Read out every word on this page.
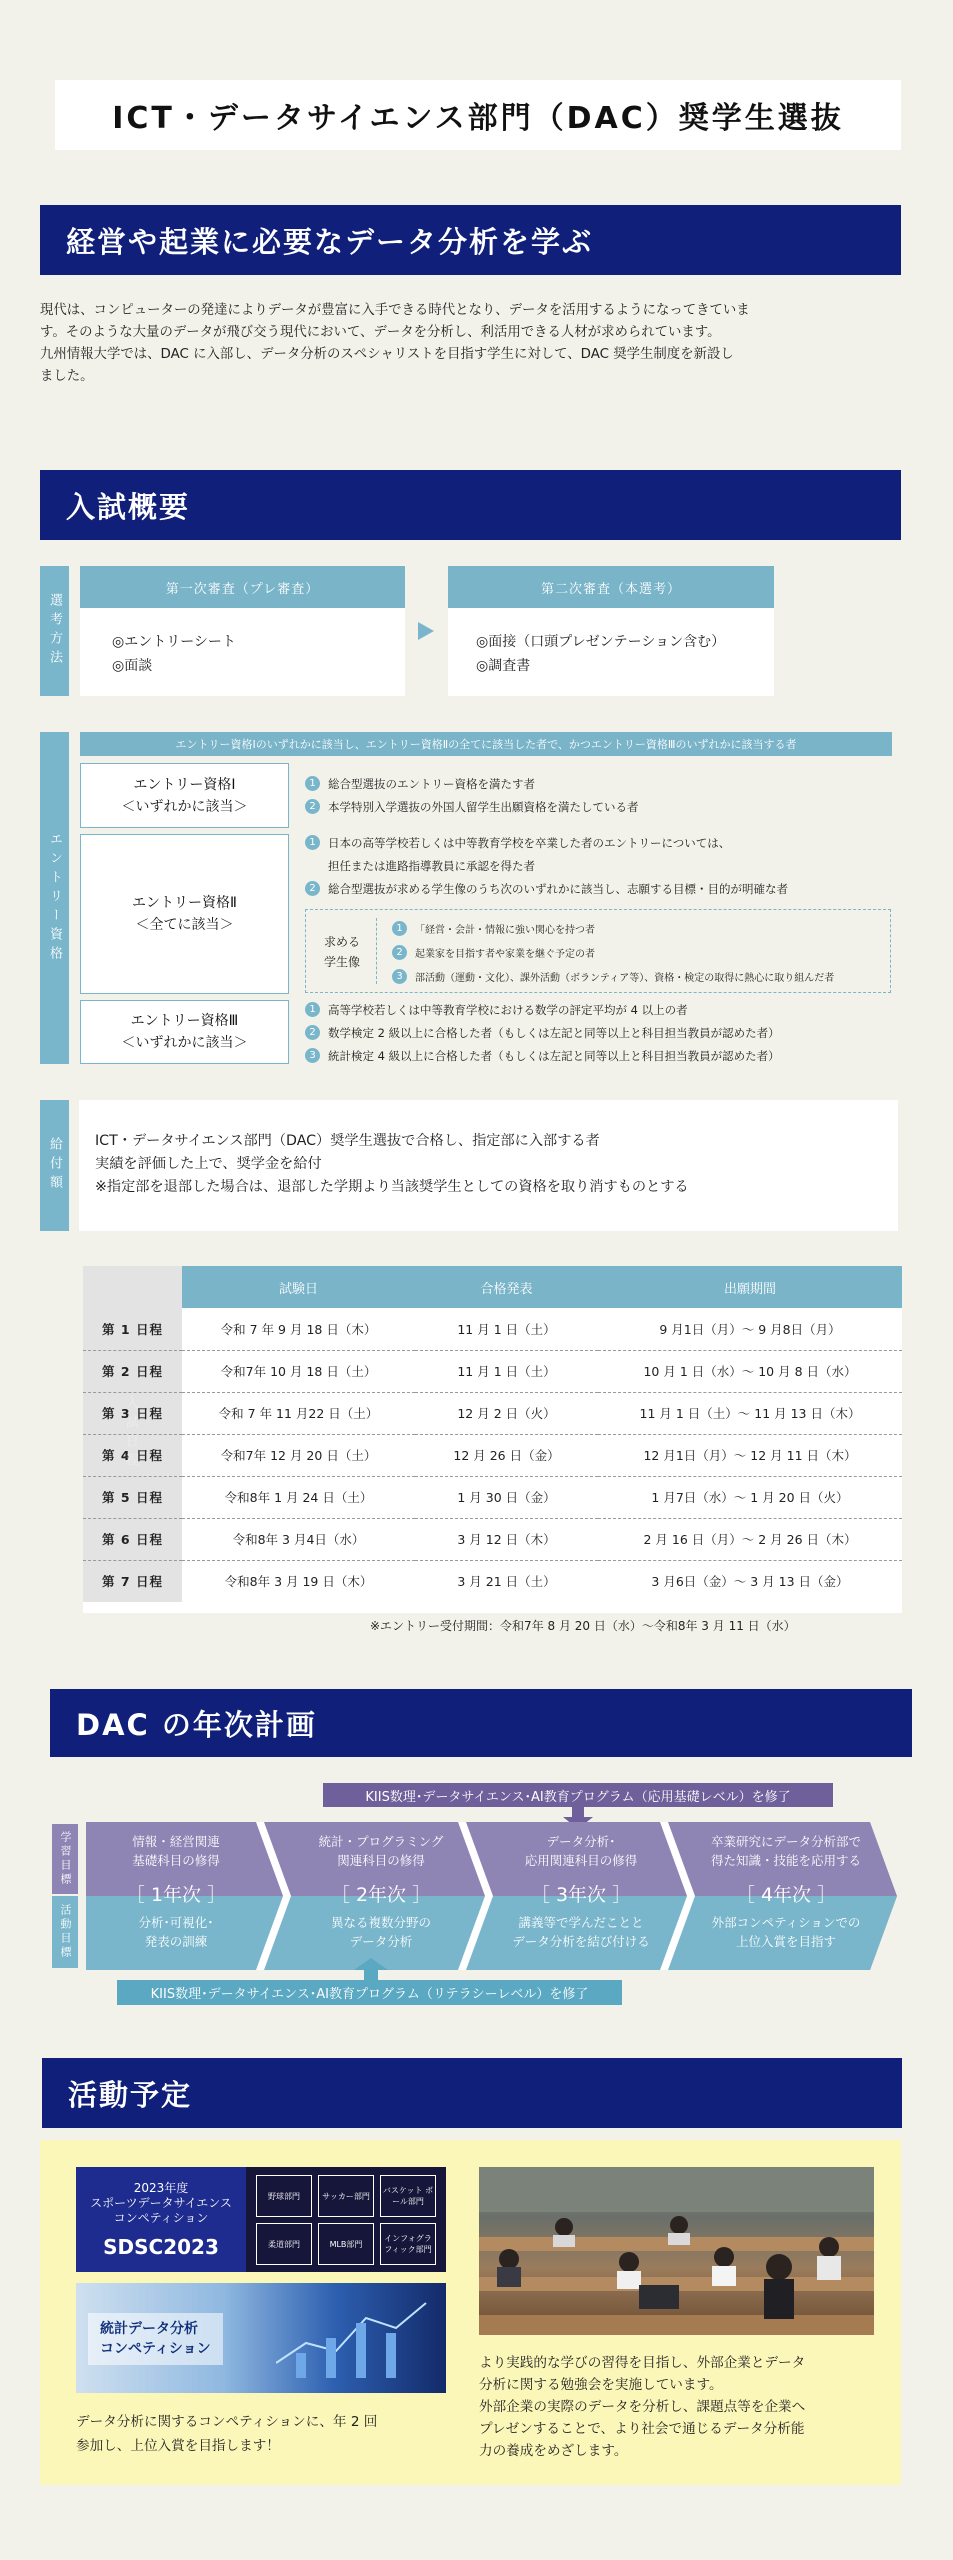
ICT・データサイエンス部門（DAC）奨学生選抜
経営や起業に必要なデータ分析を学ぶ
現代は、コンピューターの発達によりデータが豊富に入手できる時代となり、データを活用するようになってきていま
す。そのような大量のデータが飛び交う現代において、データを分析し、利活用できる人材が求められています。
九州情報大学では、DAC に入部し、データ分析のスペシャリストを目指す学生に対して、DAC 奨学生制度を新設し
ました。
入試概要
選考方法
第一次審査（プレ審査）
◎エントリーシート
◎面談
第二次審査（本選考）
◎面接（口頭プレゼンテーション含む）
◎調査書
エントリー資格
エントリー資格Ⅰのいずれかに該当し、エントリー資格Ⅱの全てに該当した者で、かつエントリー資格Ⅲのいずれかに該当する者
エントリー資格Ⅰ
＜いずれかに該当＞
1	総合型選抜のエントリー資格を満たす者
2	本学特別入学選抜の外国人留学生出願資格を満たしている者
エントリー資格Ⅱ
＜全てに該当＞
1	日本の高等学校若しくは中等教育学校を卒業した者のエントリーについては、
担任または進路指導教員に承認を得た者
2	総合型選抜が求める学生像のうち次のいずれかに該当し、志願する目標・目的が明確な者
求める
学生像
1	「経営・会計・情報に強い関心を持つ者
2	起業家を目指す者や家業を継ぐ予定の者
3	部活動（運動・文化）、課外活動（ボランティア等）、資格・検定の取得に熱心に取り組んだ者
エントリー資格Ⅲ
＜いずれかに該当＞
1	高等学校若しくは中等教育学校における数学の評定平均が 4 以上の者
2	数学検定 2 級以上に合格した者（もしくは左記と同等以上と科目担当教員が認めた者）
3	統計検定 4 級以上に合格した者（もしくは左記と同等以上と科目担当教員が認めた者）
給付額	ICT・データサイエンス部門（DAC）奨学生選抜で合格し、指定部に入部する者
実績を評価した上で、奨学金を給付
※指定部を退部した場合は、退部した学期より当該奨学生としての資格を取り消すものとする
入試日程
	試験日	合格発表	出願期間
第 1 日程	令和 7 年 9 月 18 日（木）	11 月 1 日（土）	9 月1日（月）～ 9 月8日（月）
第 2 日程	令和7年 10 月 18 日（土）	11 月 1 日（土）	10 月 1 日（水）～ 10 月 8 日（水）
第 3 日程	令和 7 年 11 月22 日（土）	12 月 2 日（火）	11 月 1 日（土）～ 11 月 13 日（木）
第 4 日程	令和7年 12 月 20 日（土）	12 月 26 日（金）	12 月1日（月）～ 12 月 11 日（木）
第 5 日程	令和8年 1 月 24 日（土）	1 月 30 日（金）	1 月7日（水）～ 1 月 20 日（火）
第 6 日程	令和8年 3 月4日（水）	3 月 12 日（木）	2 月 16 日（月）～ 2 月 26 日（木）
第 7 日程	令和8年 3 月 19 日（木）	3 月 21 日（土）	3 月6日（金）～ 3 月 13 日（金）
※エントリー受付期間：令和7年 8 月 20 日（水）～令和8年 3 月 11 日（水）
DAC の年次計画
KIIS数理･データサイエンス･AI教育プログラム（応用基礎レベル）を修了
学習目標
活動目標
情報・経営関連
基礎科目の修得
統計・プログラミング
関連科目の修得
データ分析･
応用関連科目の修得
卒業研究にデータ分析部で
得た知識・技能を応用する
［ 1年次 ］	［ 2年次 ］	［ 3年次 ］	［ 4年次 ］
分析･可視化･
発表の訓練
異なる複数分野の
データ分析
講義等で学んだことと
データ分析を結び付ける
外部コンペティションでの
上位入賞を目指す
KIIS数理･データサイエンス･AI教育プログラム（リテラシーレベル）を修了
活動予定
2023年度
スポーツデータサイエンス
コンペティション
SDSC2023
野球部門	サッカー部門
バスケット ボール部門
柔道部門	MLB部門
インフォグラ フィック部門
統計データ分析
コンペティション
データ分析に関するコンペティションに、年 2 回
参加し、上位入賞を目指します！
より実践的な学びの習得を目指し、外部企業とデータ
分析に関する勉強会を実施しています。
外部企業の実際のデータを分析し、課題点等を企業へ
プレゼンすることで、より社会で通じるデータ分析能
力の養成をめざします。
